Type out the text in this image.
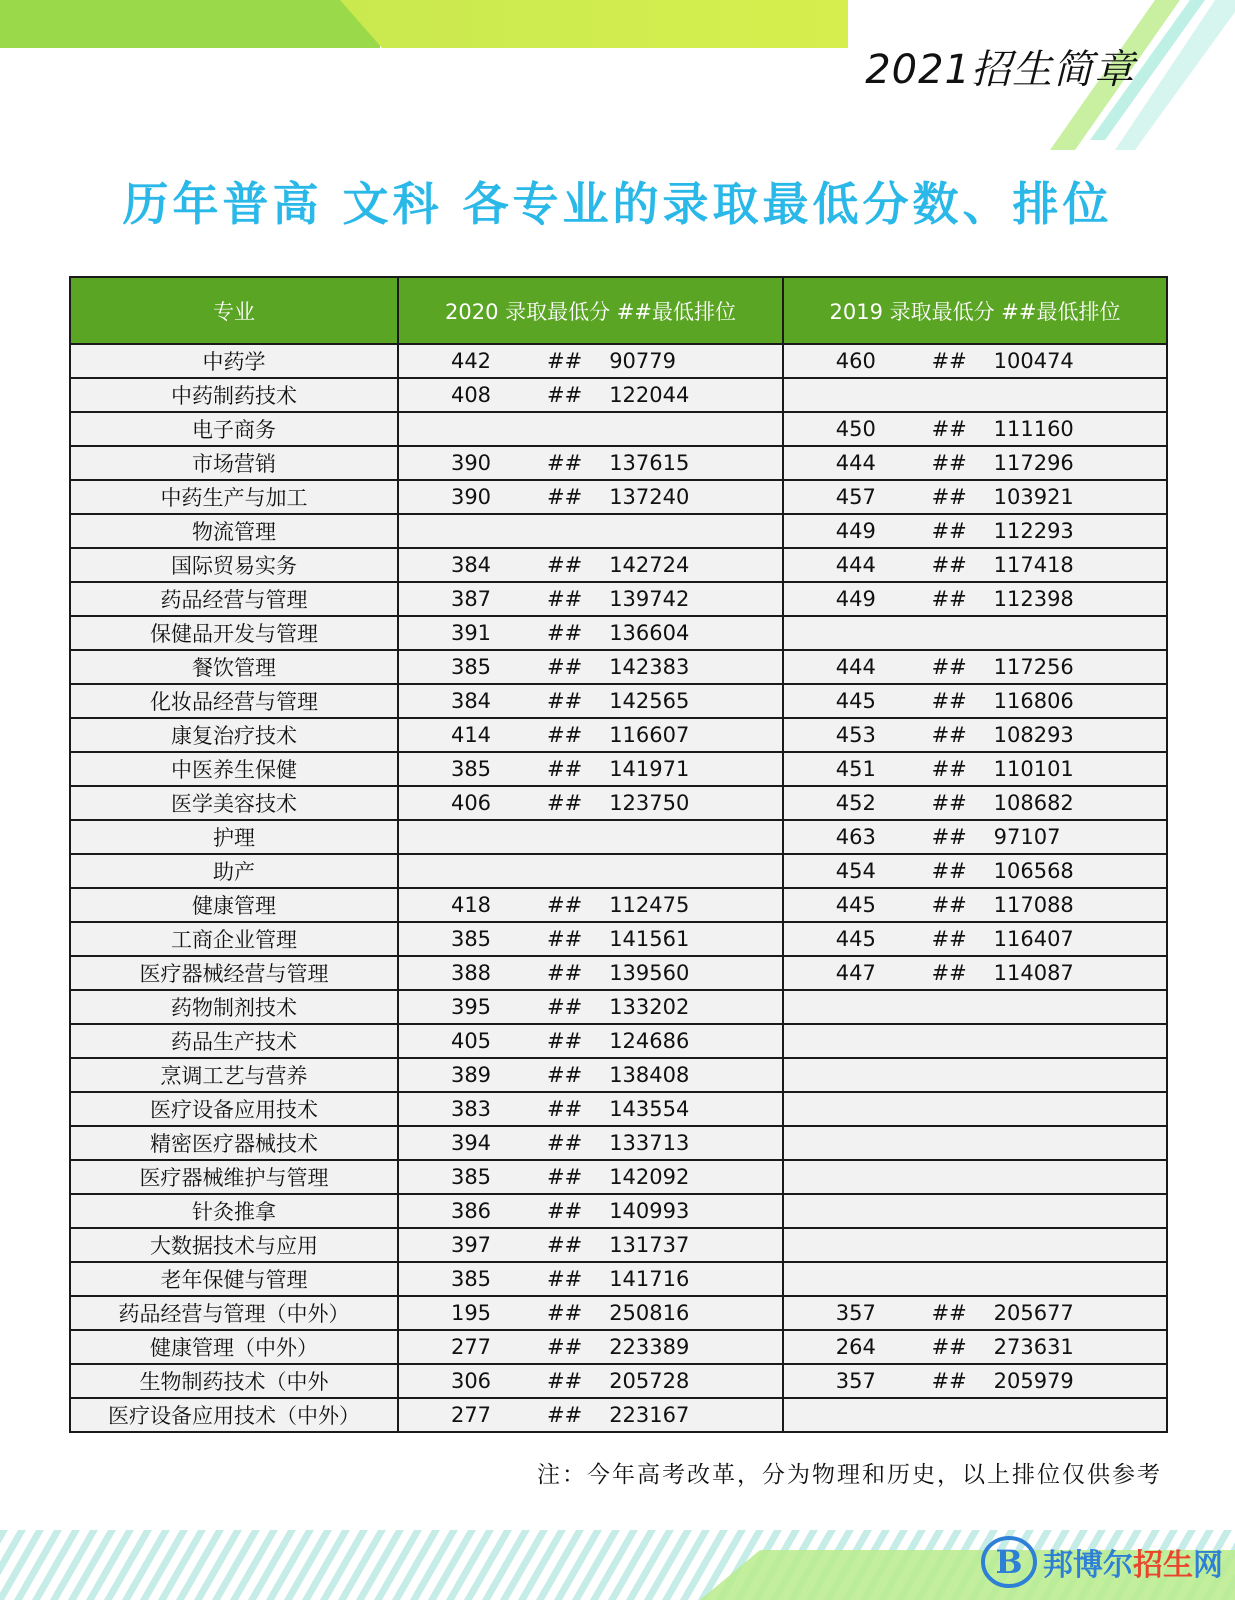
2021招生简章
历年普高 文科 各专业的录取最低分数、排位
专业	2020 录取最低分 ##最低排位	2019 录取最低分 ##最低排位
中药学	442 ## 90779	460 ## 100474

中药制药技术	408 ## 122044	

电子商务		450 ## 111160

市场营销	390 ## 137615	444 ## 117296

中药生产与加工	390 ## 137240	457 ## 103921

物流管理		449 ## 112293

国际贸易实务	384 ## 142724	444 ## 117418

药品经营与管理	387 ## 139742	449 ## 112398

保健品开发与管理	391 ## 136604	

餐饮管理	385 ## 142383	444 ## 117256

化妆品经营与管理	384 ## 142565	445 ## 116806

康复治疗技术	414 ## 116607	453 ## 108293

中医养生保健	385 ## 141971	451 ## 110101

医学美容技术	406 ## 123750	452 ## 108682

护理		463 ## 97107

助产		454 ## 106568

健康管理	418 ## 112475	445 ## 117088

工商企业管理	385 ## 141561	445 ## 116407

医疗器械经营与管理	388 ## 139560	447 ## 114087

药物制剂技术	395 ## 133202	

药品生产技术	405 ## 124686	

烹调工艺与营养	389 ## 138408	

医疗设备应用技术	383 ## 143554	

精密医疗器械技术	394 ## 133713	

医疗器械维护与管理	385 ## 142092	

针灸推拿	386 ## 140993	

大数据技术与应用	397 ## 131737	

老年保健与管理	385 ## 141716	

药品经营与管理（中外）	195 ## 250816	357 ## 205677

健康管理（中外）	277 ## 223389	264 ## 273631

生物制药技术（中外	306 ## 205728	357 ## 205979

医疗设备应用技术（中外）	277 ## 223167	

注：今年高考改革，分为物理和历史，以上排位仅供参考
B 邦博尔招生网
